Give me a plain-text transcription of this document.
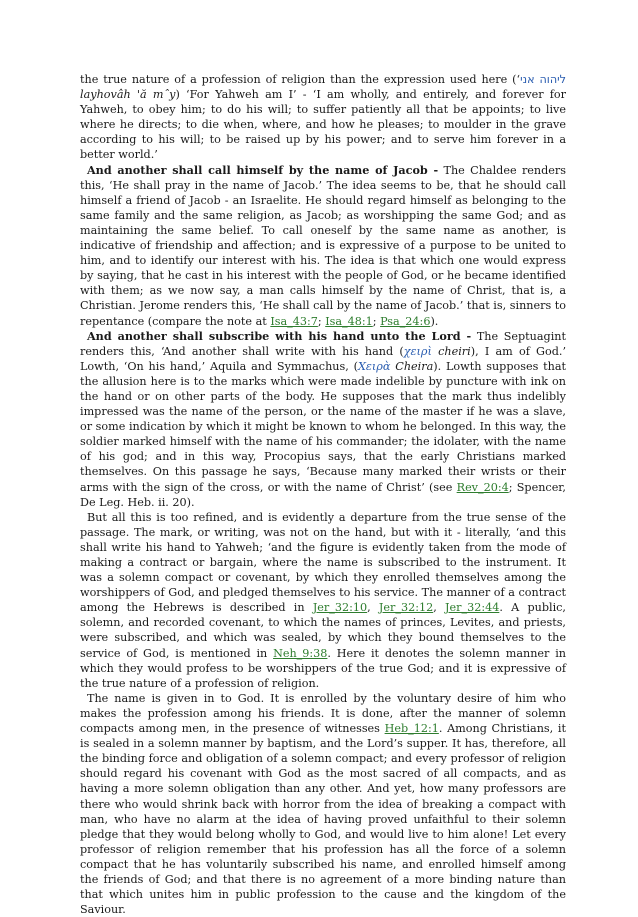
the true nature of a profession of religion than the expression used here (‘ליהוה אני layhovâh 'ă mˆy) ‘For Yahweh am I’ - ‘I am wholly, and entirely, and forever for Yahweh, to obey him; to do his will; to suffer patiently all that be appoints; to live where he directs; to die when, where, and how he pleases; to moulder in the grave according to his will; to be raised up by his power; and to serve him forever in a better world.’

And another shall call himself by the name of Jacob - The Chaldee renders this, ‘He shall pray in the name of Jacob.’ The idea seems to be, that he should call himself a friend of Jacob - an Israelite. He should regard himself as belonging to the same family and the same religion, as Jacob; as worshipping the same God; and as maintaining the same belief. To call oneself by the same name as another, is indicative of friendship and affection; and is expressive of a purpose to be united to him, and to identify our interest with his. The idea is that which one would express by saying, that he cast in his interest with the people of God, or he became identified with them; as we now say, a man calls himself by the name of Christ, that is, a Christian. Jerome renders this, ‘He shall call by the name of Jacob.’ that is, sinners to repentance (compare the note at Isa_43:7; Isa_48:1; Psa_24:6).

And another shall subscribe with his hand unto the Lord - The Septuagint renders this, ‘And another shall write with his hand (χειρὶ cheiri), I am of God.’ Lowth, ‘On his hand,’ Aquila and Symmachus, (Χειρὰ Cheira). Lowth supposes that the allusion here is to the marks which were made indelible by puncture with ink on the hand or on other parts of the body. He supposes that the mark thus indelibly impressed was the name of the person, or the name of the master if he was a slave, or some indication by which it might be known to whom he belonged. In this way, the soldier marked himself with the name of his commander; the idolater, with the name of his god; and in this way, Procopius says, that the early Christians marked themselves. On this passage he says, ‘Because many marked their wrists or their arms with the sign of the cross, or with the name of Christ’ (see Rev_20:4; Spencer, De Leg. Heb. ii. 20).

But all this is too refined, and is evidently a departure from the true sense of the passage. The mark, or writing, was not on the hand, but with it - literally, ‘and this shall write his hand to Yahweh; ‘and the figure is evidently taken from the mode of making a contract or bargain, where the name is subscribed to the instrument. It was a solemn compact or covenant, by which they enrolled themselves among the worshippers of God, and pledged themselves to his service. The manner of a contract among the Hebrews is described in Jer_32:10, Jer_32:12, Jer_32:44. A public, solemn, and recorded covenant, to which the names of princes, Levites, and priests, were subscribed, and which was sealed, by which they bound themselves to the service of God, is mentioned in Neh_9:38. Here it denotes the solemn manner in which they would profess to be worshippers of the true God; and it is expressive of the true nature of a profession of religion.

The name is given in to God. It is enrolled by the voluntary desire of him who makes the profession among his friends. It is done, after the manner of solemn compacts among men, in the presence of witnesses Heb_12:1. Among Christians, it is sealed in a solemn manner by baptism, and the Lord’s supper. It has, therefore, all the binding force and obligation of a solemn compact; and every professor of religion should regard his covenant with God as the most sacred of all compacts, and as having a more solemn obligation than any other. And yet, how many professors are there who would shrink back with horror from the idea of breaking a compact with man, who have no alarm at the idea of having proved unfaithful to their solemn pledge that they would belong wholly to God, and would live to him alone! Let every professor of religion remember that his profession has all the force of a solemn compact that he has voluntarily subscribed his name, and enrolled himself among the friends of God; and that there is no agreement of a more binding nature than that which unites him in public profession to the cause and the kingdom of the Saviour.
